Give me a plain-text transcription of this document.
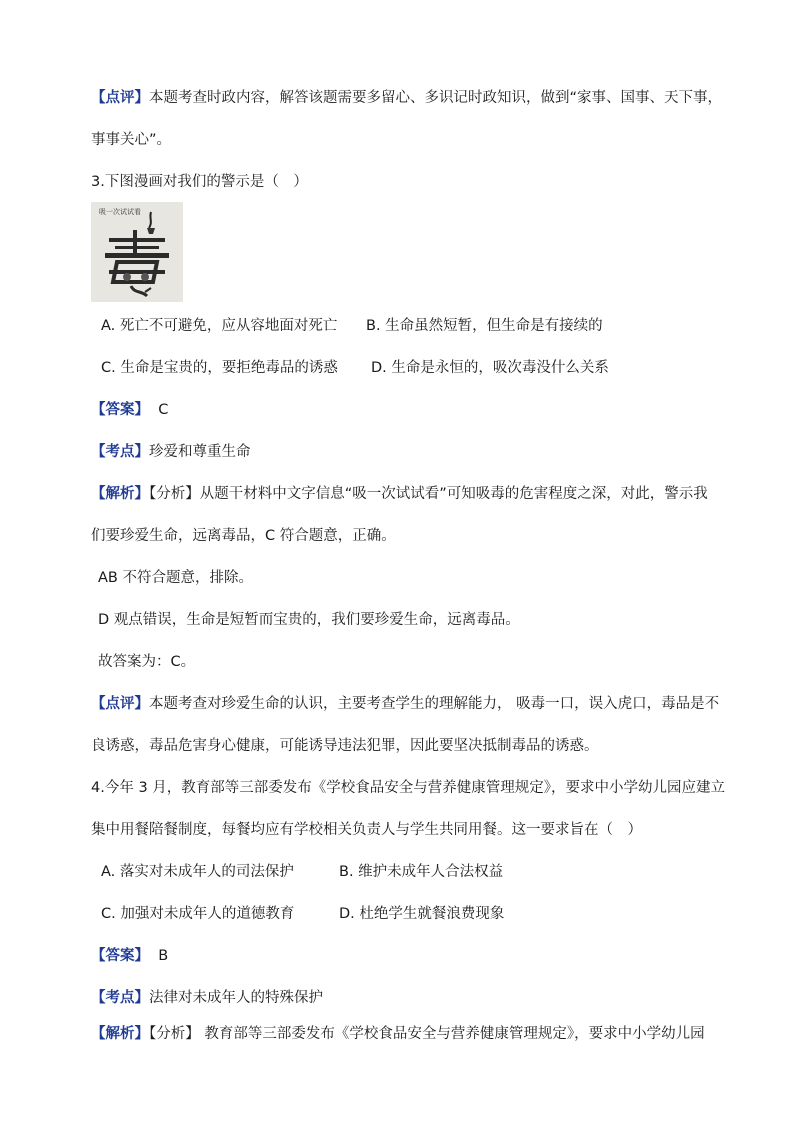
【点评】本题考查时政内容，解答该题需要多留心、多识记时政知识，做到“家事、国事、天下事，
事事关心”。
3.下图漫画对我们的警示是（　）
吸一次试试看
A. 死亡不可避免，应从容地面对死亡 B. 生命虽然短暂，但生命是有接续的
C. 生命是宝贵的，要拒绝毒品的诱惑 D. 生命是永恒的，吸次毒没什么关系
【答案】 C
【考点】珍爱和尊重生命
【解析】【分析】从题干材料中文字信息“吸一次试试看”可知吸毒的危害程度之深，对此，警示我
们要珍爱生命，远离毒品，C 符合题意，正确。
AB 不符合题意，排除。
D 观点错误，生命是短暂而宝贵的，我们要珍爱生命，远离毒品。
故答案为：C。
【点评】本题考查对珍爱生命的认识，主要考查学生的理解能力， 吸毒一口，误入虎口，毒品是不
良诱惑，毒品危害身心健康，可能诱导违法犯罪，因此要坚决抵制毒品的诱惑。
4.今年 3 月，教育部等三部委发布《学校食品安全与营养健康管理规定》，要求中小学幼儿园应建立
集中用餐陪餐制度，每餐均应有学校相关负责人与学生共同用餐。这一要求旨在（　）
A. 落实对未成年人的司法保护	B. 维护未成年人合法权益
C. 加强对未成年人的道德教育	D. 杜绝学生就餐浪费现象
【答案】 B
【考点】法律对未成年人的特殊保护
【解析】【分析】 教育部等三部委发布《学校食品安全与营养健康管理规定》，要求中小学幼儿园
